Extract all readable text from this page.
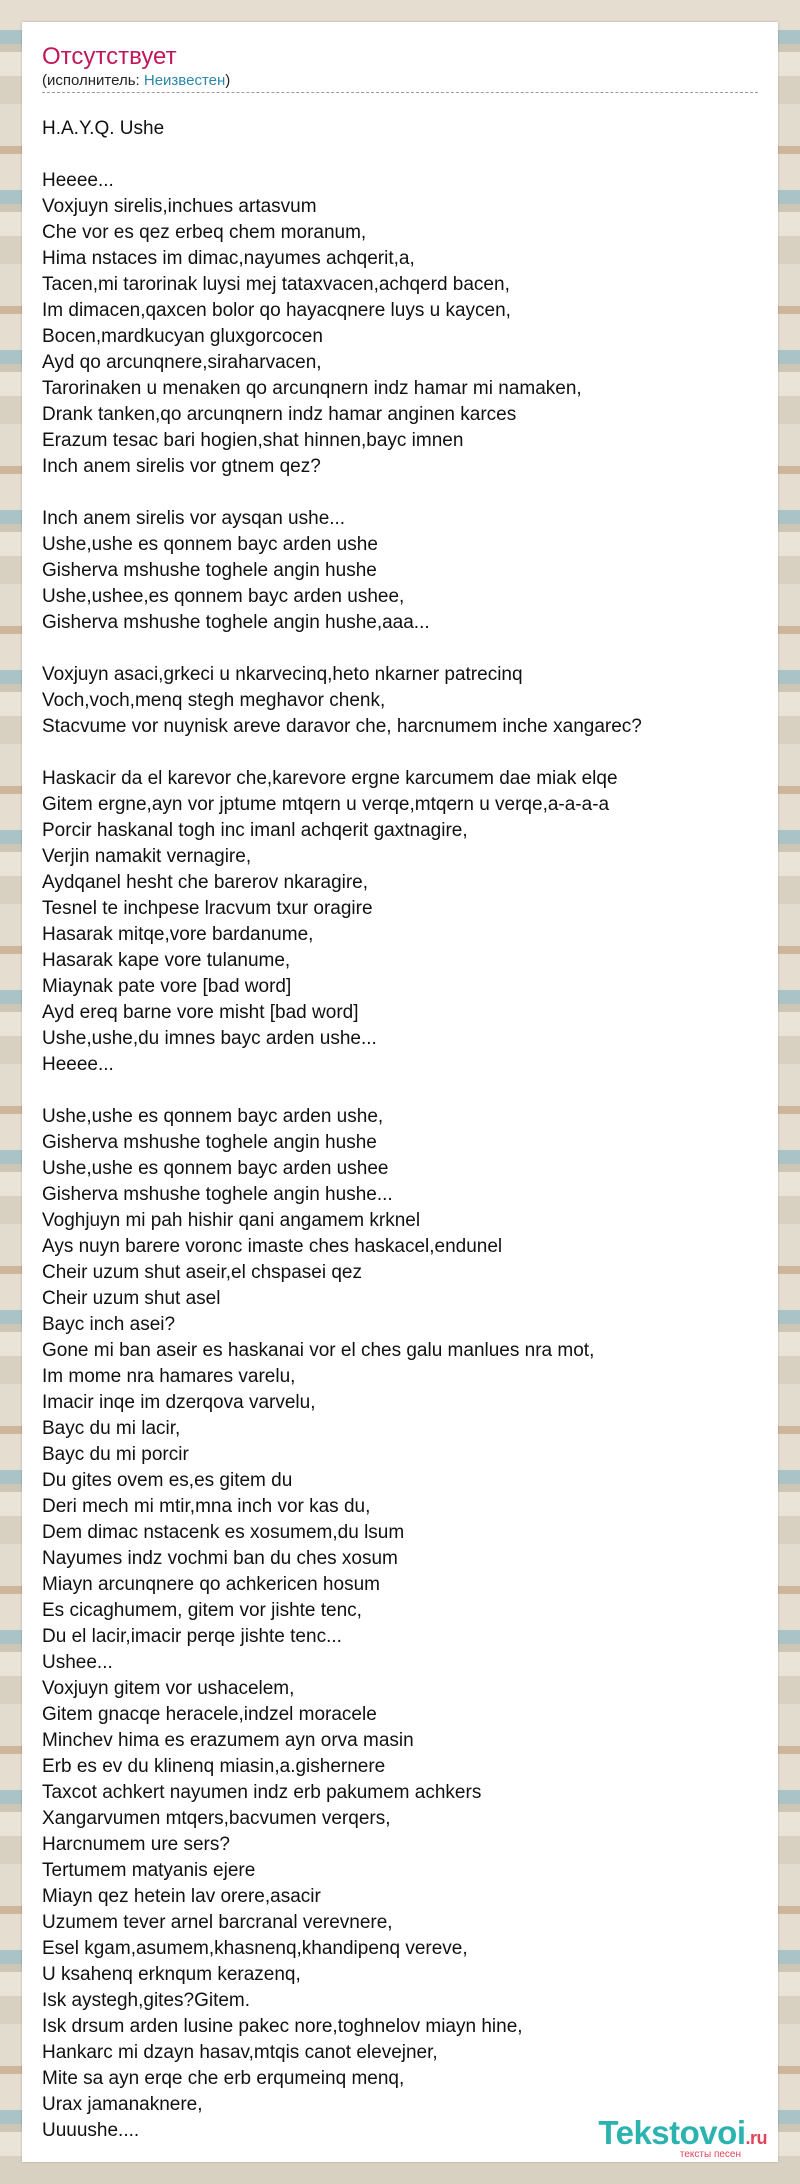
Отсутствует
(исполнитель: Неизвестен)
H.A.Y.Q. Ushe

Heeee...
Voxjuyn sirelis,inchues artasvum
Che vor es qez erbeq chem moranum,
Hima nstaces im dimac,nayumes achqerit,a,
Tacen,mi tarorinak luysi mej tataxvacen,achqerd bacen,
Im dimacen,qaxcen bolor qo hayacqnere luys u kaycen,
Bocen,mardkucyan gluxgorcocen
Ayd qo arcunqnere,siraharvacen,
Tarorinaken u menaken qo arcunqnern indz hamar mi namaken,
Drank tanken,qo arcunqnern indz hamar anginen karces
Erazum tesac bari hogien,shat hinnen,bayc imnen
Inch anem sirelis vor gtnem qez?

Inch anem sirelis vor aysqan ushe...
Ushe,ushe es qonnem bayc arden ushe
Gisherva mshushe toghele angin hushe
Ushe,ushee,es qonnem bayc arden ushee,
Gisherva mshushe toghele angin hushe,aaa...

Voxjuyn asaci,grkeci u nkarvecinq,heto nkarner patrecinq
Voch,voch,menq stegh meghavor chenk,
Stacvume vor nuynisk areve daravor che, harcnumem inche xangarec?

Haskacir da el karevor che,karevore ergne karcumem dae miak elqe
Gitem ergne,ayn vor jptume mtqern u verqe,mtqern u verqe,a-a-a-a
Porcir haskanal togh inc imanl achqerit gaxtnagire,
Verjin namakit vernagire,
Aydqanel hesht che barerov nkaragire,
Tesnel te inchpese lracvum txur oragire
Hasarak mitqe,vore bardanume,
Hasarak kape vore tulanume,
Miaynak pate vore [bad word]
Ayd ereq barne vore misht [bad word]
Ushe,ushe,du imnes bayc arden ushe...
Heeee...

Ushe,ushe es qonnem bayc arden ushe,
Gisherva mshushe toghele angin hushe
Ushe,ushe es qonnem bayc arden ushee
Gisherva mshushe toghele angin hushe...
Voghjuyn mi pah hishir qani angamem krknel
Ays nuyn barere voronc imaste ches haskacel,endunel
Cheir uzum shut aseir,el chspasei qez
Cheir uzum shut asel
Bayc inch asei?
Gone mi ban aseir es haskanai vor el ches galu manlues nra mot,
Im mome nra hamares varelu,
Imacir inqe im dzerqova varvelu,
Bayc du mi lacir,
Bayc du mi porcir
Du gites ovem es,es gitem du
Deri mech mi mtir,mna inch vor kas du,
Dem dimac nstacenk es xosumem,du lsum
Nayumes indz vochmi ban du ches xosum
Miayn arcunqnere qo achkericen hosum
Es cicaghumem, gitem vor jishte tenc,
Du el lacir,imacir perqe jishte tenc...
Ushee...
Voxjuyn gitem vor ushacelem,
Gitem gnacqe heracele,indzel moracele
Minchev hima es erazumem ayn orva masin
Erb es ev du klinenq miasin,a.gishernere
Taxcot achkert nayumen indz erb pakumem achkers
Xangarvumen mtqers,bacvumen verqers,
Harcnumem ure sers?
Tertumem matyanis ejere
Miayn qez hetein lav orere,asacir
Uzumem tever arnel barcranal verevnere,
Esel kgam,asumem,khasnenq,khandipenq vereve,
U ksahenq erknqum kerazenq,
Isk aystegh,gites?Gitem.
Isk drsum arden lusine pakec nore,toghnelov miayn hine,
Hankarc mi dzayn hasav,mtqis canot elevejner,
Mite sa ayn erqe che erb erqumeinq menq,
Urax jamanaknere,
Uuuushe....	Tekstovoi.ru
тексты песен
